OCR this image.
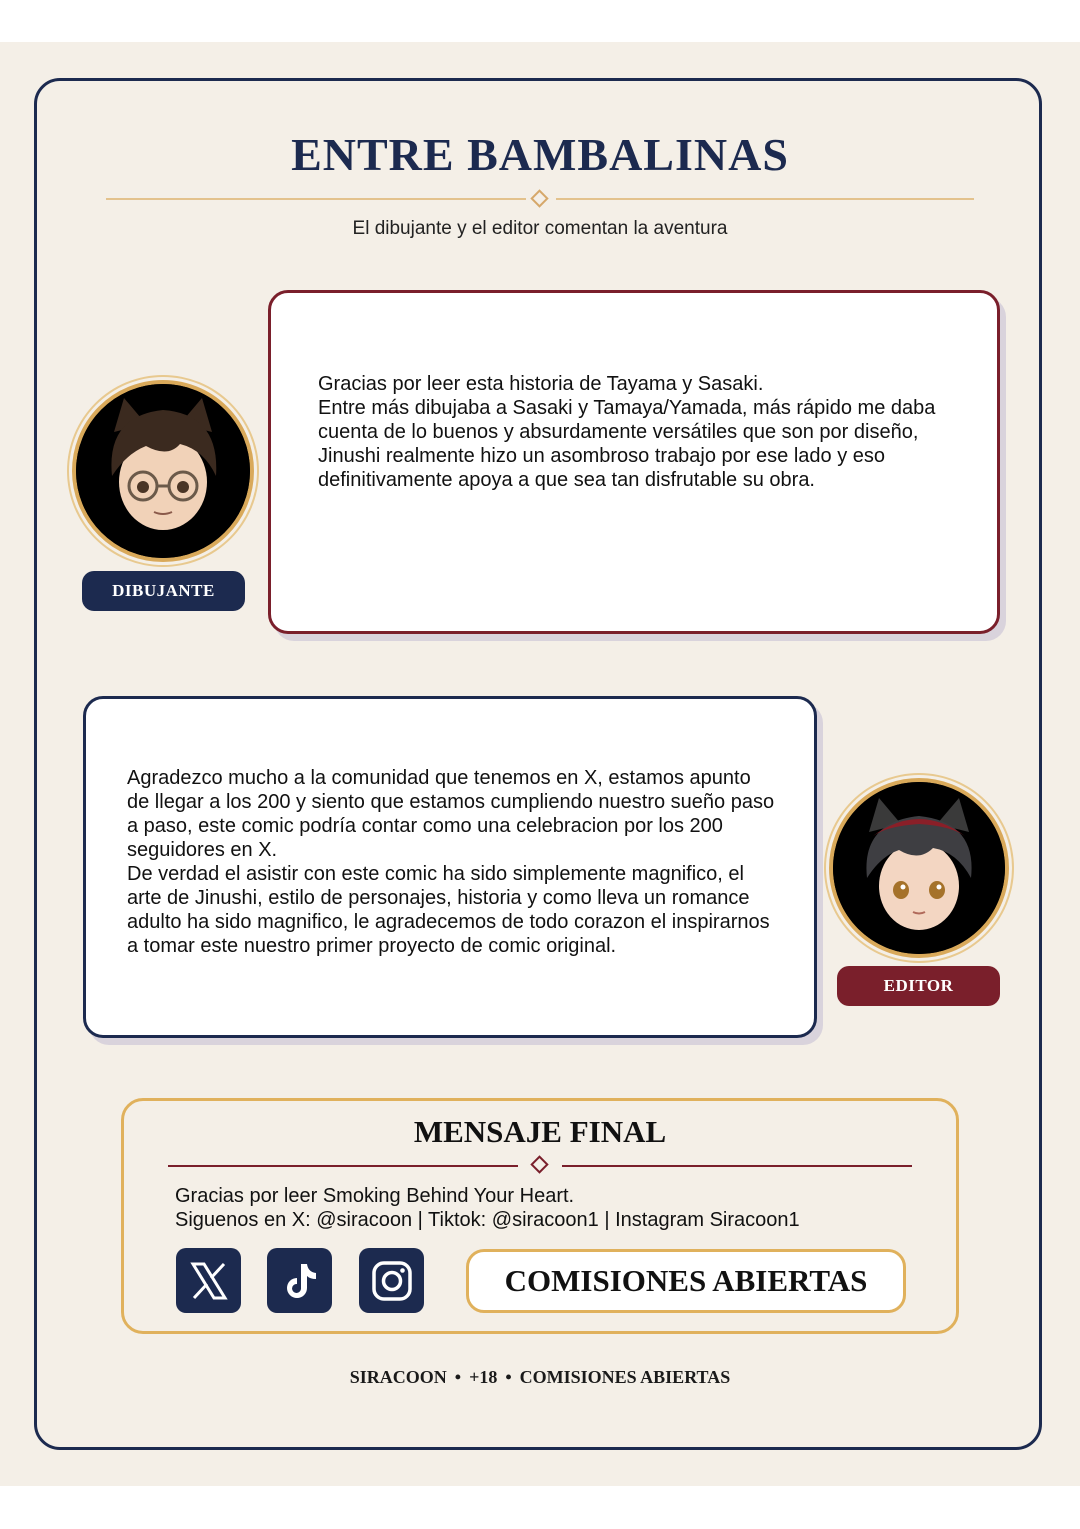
ENTRE BAMBALINAS
El dibujante y el editor comentan la aventura
DIBUJANTE
Gracias por leer esta historia de Tayama y Sasaki.
Entre más dibujaba a Sasaki y Tamaya/Yamada, más rápido me daba cuenta de lo buenos y absurdamente versátiles que son por diseño, Jinushi realmente hizo un asombroso trabajo por ese lado y eso definitivamente apoya a que sea tan disfrutable su obra.
Agradezco mucho a la comunidad que tenemos en X, estamos apunto de llegar a los 200 y siento que estamos cumpliendo nuestro sueño paso a paso, este comic podría contar como una celebracion por los 200 seguidores en X.
De verdad el asistir con este comic ha sido simplemente magnifico, el arte de Jinushi, estilo de personajes, historia y como lleva un romance adulto ha sido magnifico, le agradecemos de todo corazon el inspirarnos a tomar este nuestro primer proyecto de comic original.
EDITOR
MENSAJE FINAL
Gracias por leer Smoking Behind Your Heart.
Siguenos en X: @siracoon | Tiktok: @siracoon1 | Instagram Siracoon1
COMISIONES ABIERTAS
SIRACOON • +18 • COMISIONES ABIERTAS
